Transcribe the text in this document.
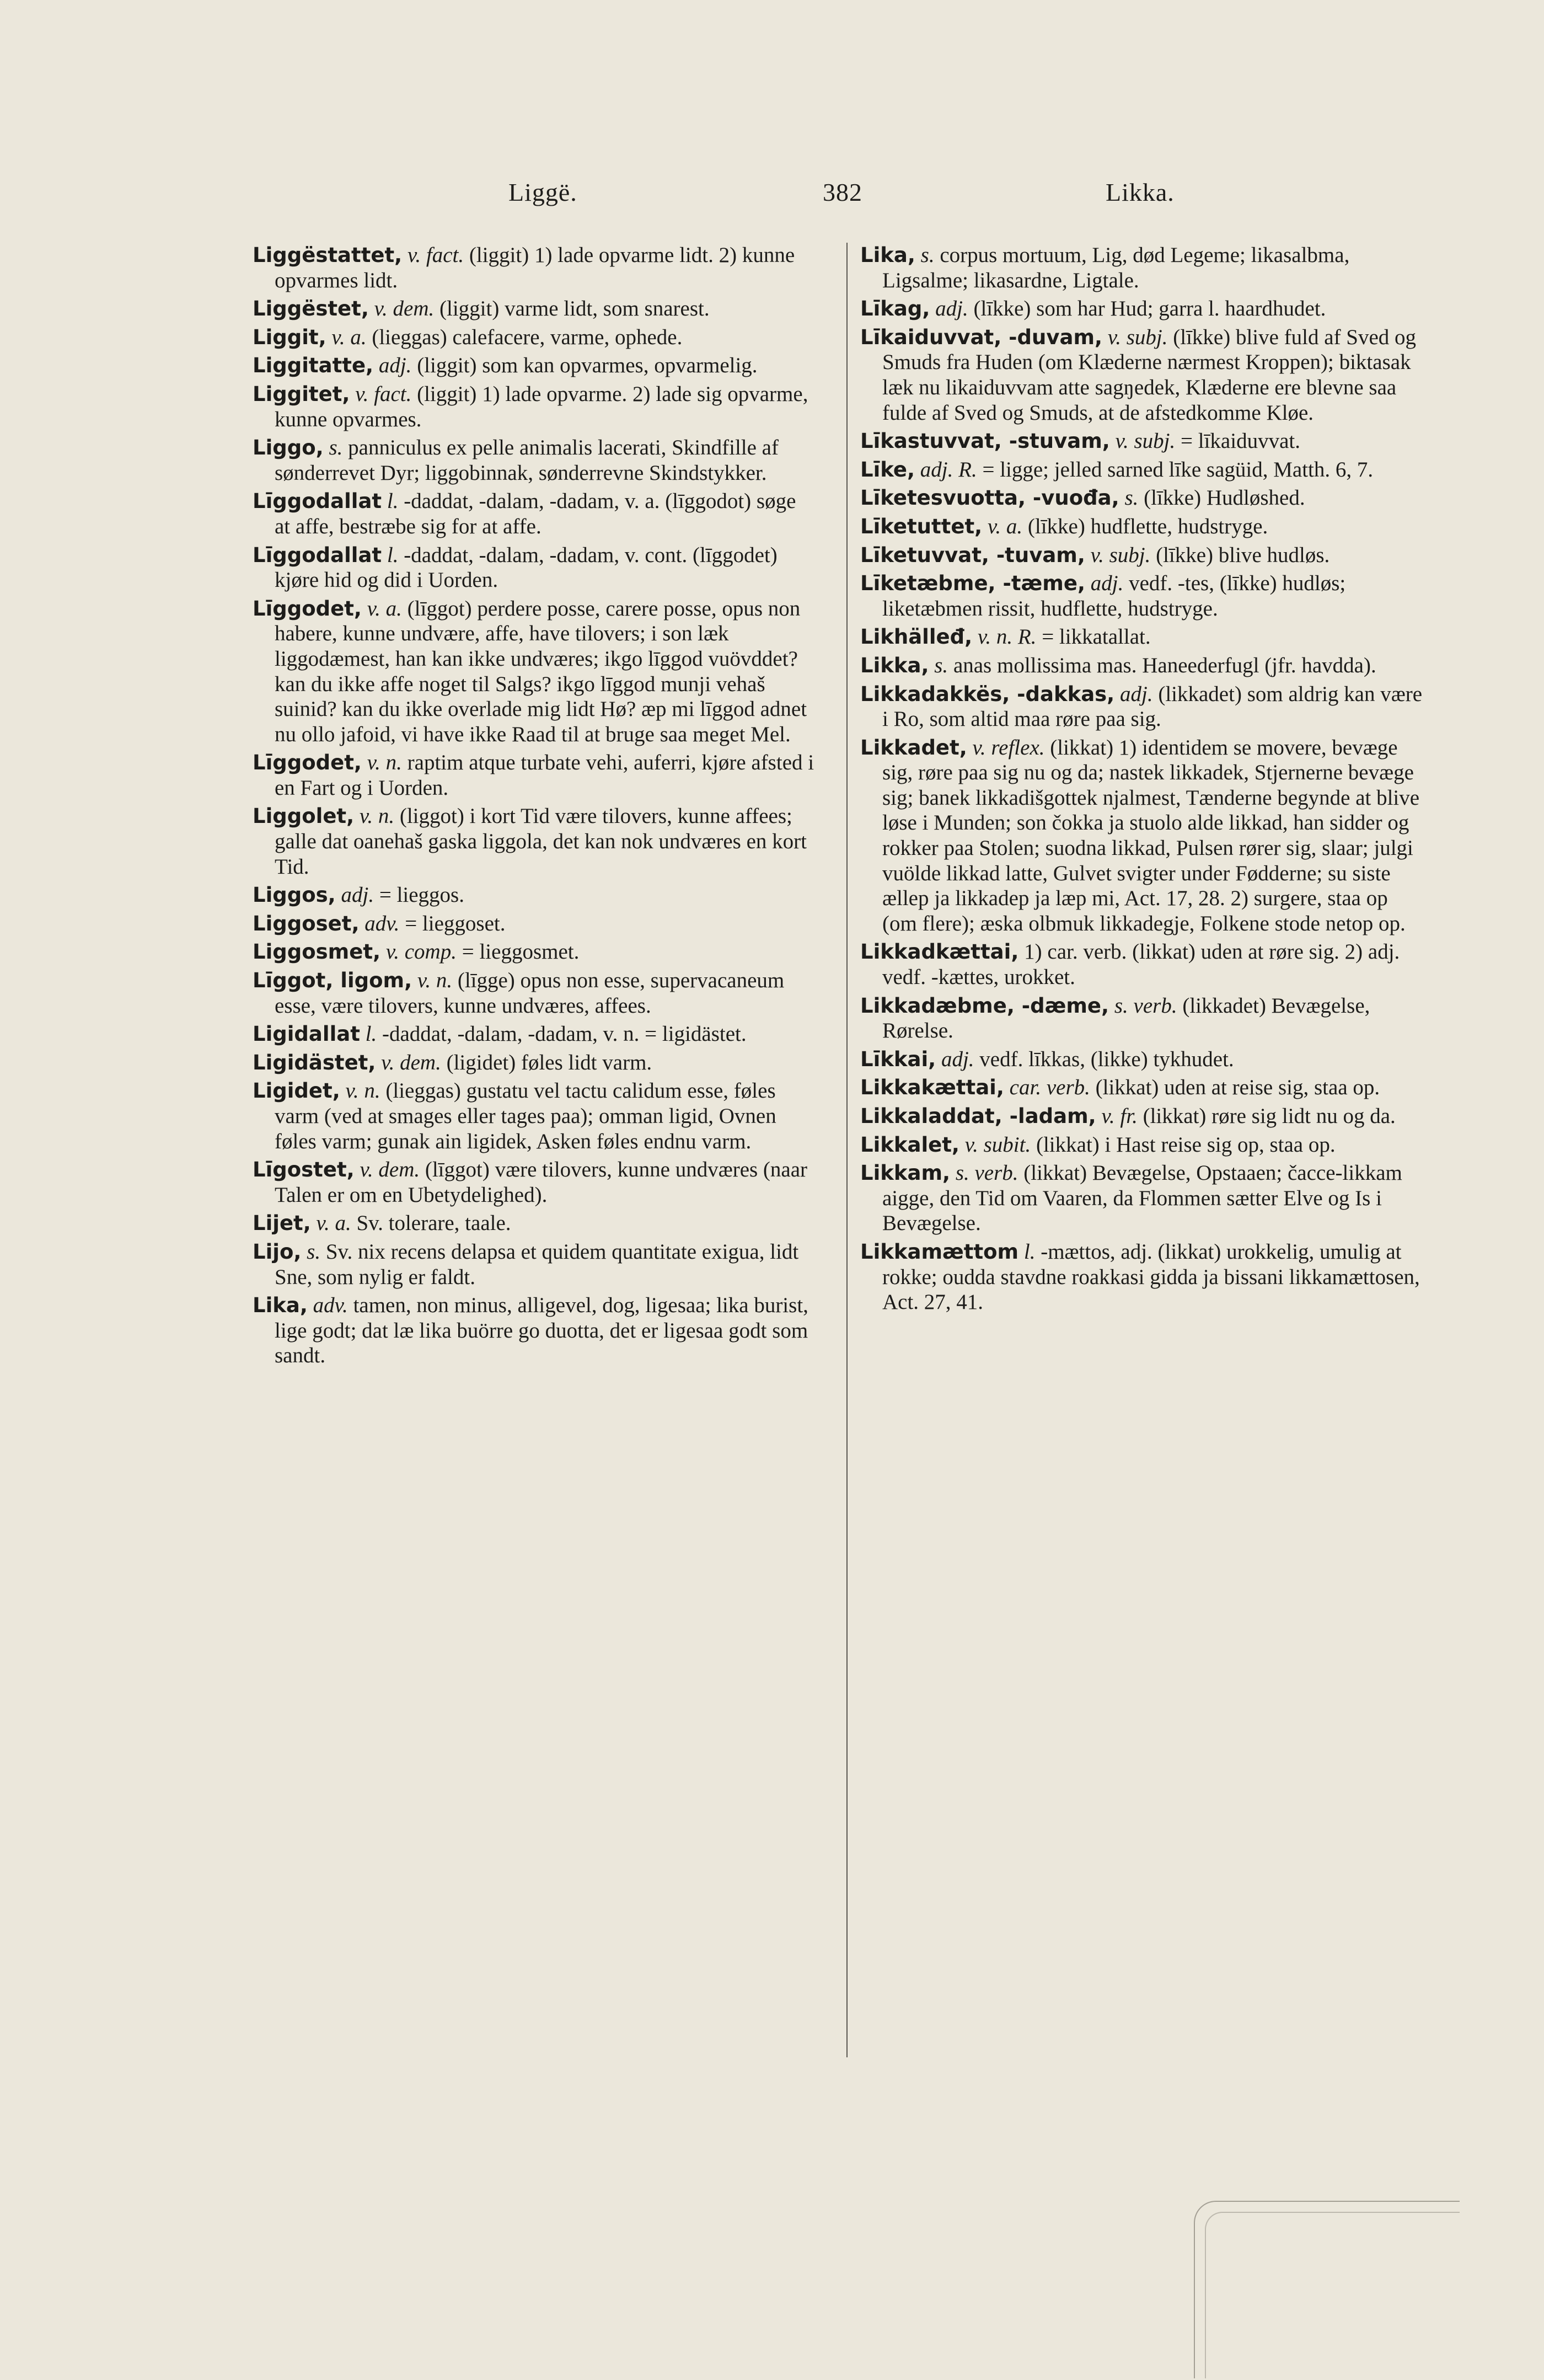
Liggë.	382	Likka.
Liggëstattet, v. fact. (liggit) 1) lade opvarme lidt. 2) kunne opvarmes lidt.
Liggëstet, v. dem. (liggit) varme lidt, som snarest.
Liggit, v. a. (lieggas) calefacere, varme, ophede.
Liggitatte, adj. (liggit) som kan opvarmes, opvarmelig.
Liggitet, v. fact. (liggit) 1) lade opvarme. 2) lade sig opvarme, kunne opvarmes.
Liggo, s. panniculus ex pelle animalis lacerati, Skindfille af sønderrevet Dyr; liggobinnak, sønderrevne Skindstykker.
Līggodallat l. -daddat, -dalam, -dadam, v. a. (līggodot) søge at affe, bestræbe sig for at affe.
Līggodallat l. -daddat, -dalam, -dadam, v. cont. (līggodet) kjøre hid og did i Uorden.
Līggodet, v. a. (līggot) perdere posse, carere posse, opus non habere, kunne undvære, affe, have tilovers; i son læk liggodæmest, han kan ikke undværes; ikgo līggod vuövddet? kan du ikke affe noget til Salgs? ikgo līggod munji vehaš suinid? kan du ikke overlade mig lidt Hø? æp mi līggod adnet nu ollo jafoid, vi have ikke Raad til at bruge saa meget Mel.
Līggodet, v. n. raptim atque turbate vehi, auferri, kjøre afsted i en Fart og i Uorden.
Liggolet, v. n. (liggot) i kort Tid være tilovers, kunne affees; galle dat oanehaš gaska liggola, det kan nok undværes en kort Tid.
Liggos, adj. = lieggos.
Liggoset, adv. = lieggoset.
Liggosmet, v. comp. = lieggosmet.
Līggot, ligom, v. n. (līgge) opus non esse, supervacaneum esse, være tilovers, kunne undværes, affees.
Ligidallat l. -daddat, -dalam, -dadam, v. n. = ligidästet.
Ligidästet, v. dem. (ligidet) føles lidt varm.
Ligidet, v. n. (lieggas) gustatu vel tactu calidum esse, føles varm (ved at smages eller tages paa); omman ligid, Ovnen føles varm; gunak ain ligidek, Asken føles endnu varm.
Līgostet, v. dem. (līggot) være tilovers, kunne undværes (naar Talen er om en Ubetydelighed).
Lijet, v. a. Sv. tolerare, taale.
Lijo, s. Sv. nix recens delapsa et quidem quantitate exigua, lidt Sne, som nylig er faldt.
Lika, adv. tamen, non minus, alligevel, dog, ligesaa; lika burist, lige godt; dat læ lika buörre go duotta, det er ligesaa godt som sandt.
Lika, s. corpus mortuum, Lig, død Legeme; likasalbma, Ligsalme; likasardne, Ligtale.
Līkag, adj. (līkke) som har Hud; garra l. haardhudet.
Līkaiduvvat, -duvam, v. subj. (līkke) blive fuld af Sved og Smuds fra Huden (om Klæderne nærmest Kroppen); biktasak læk nu likaiduvvam atte sagŋedek, Klæderne ere blevne saa fulde af Sved og Smuds, at de afstedkomme Kløe.
Līkastuvvat, -stuvam, v. subj. = līkaiduvvat.
Līke, adj. R. = ligge; jelled sarned līke sagüid, Matth. 6, 7.
Līketesvuotta, -vuođa, s. (līkke) Hudløshed.
Līketuttet, v. a. (līkke) hudflette, hudstryge.
Līketuvvat, -tuvam, v. subj. (līkke) blive hudløs.
Līketæbme, -tæme, adj. vedf. -tes, (līkke) hudløs; liketæbmen rissit, hudflette, hudstryge.
Likhälleđ, v. n. R. = likkatallat.
Likka, s. anas mollissima mas. Haneederfugl (jfr. havdda).
Likkadakkës, -dakkas, adj. (likkadet) som aldrig kan være i Ro, som altid maa røre paa sig.
Likkadet, v. reflex. (likkat) 1) identidem se movere, bevæge sig, røre paa sig nu og da; nastek likkadek, Stjernerne bevæge sig; banek likkadišgottek njalmest, Tænderne begynde at blive løse i Munden; son čokka ja stuolo alde likkad, han sidder og rokker paa Stolen; suodna likkad, Pulsen rører sig, slaar; julgi vuölde likkad latte, Gulvet svigter under Fødderne; su siste ællep ja likkadep ja læp mi, Act. 17, 28. 2) surgere, staa op (om flere); æska olbmuk likkadegje, Folkene stode netop op.
Likkadkættai, 1) car. verb. (likkat) uden at røre sig. 2) adj. vedf. -kættes, urokket.
Likkadæbme, -dæme, s. verb. (likkadet) Bevægelse, Rørelse.
Līkkai, adj. vedf. līkkas, (likke) tykhudet.
Likkakættai, car. verb. (likkat) uden at reise sig, staa op.
Likkaladdat, -ladam, v. fr. (likkat) røre sig lidt nu og da.
Likkalet, v. subit. (likkat) i Hast reise sig op, staa op.
Likkam, s. verb. (likkat) Bevægelse, Opstaaen; čacce-likkam aigge, den Tid om Vaaren, da Flommen sætter Elve og Is i Bevægelse.
Likkamættom l. -mættos, adj. (likkat) urokkelig, umulig at rokke; oudda stavdne roakkasi gidda ja bissani likkamættosen, Act. 27, 41.
